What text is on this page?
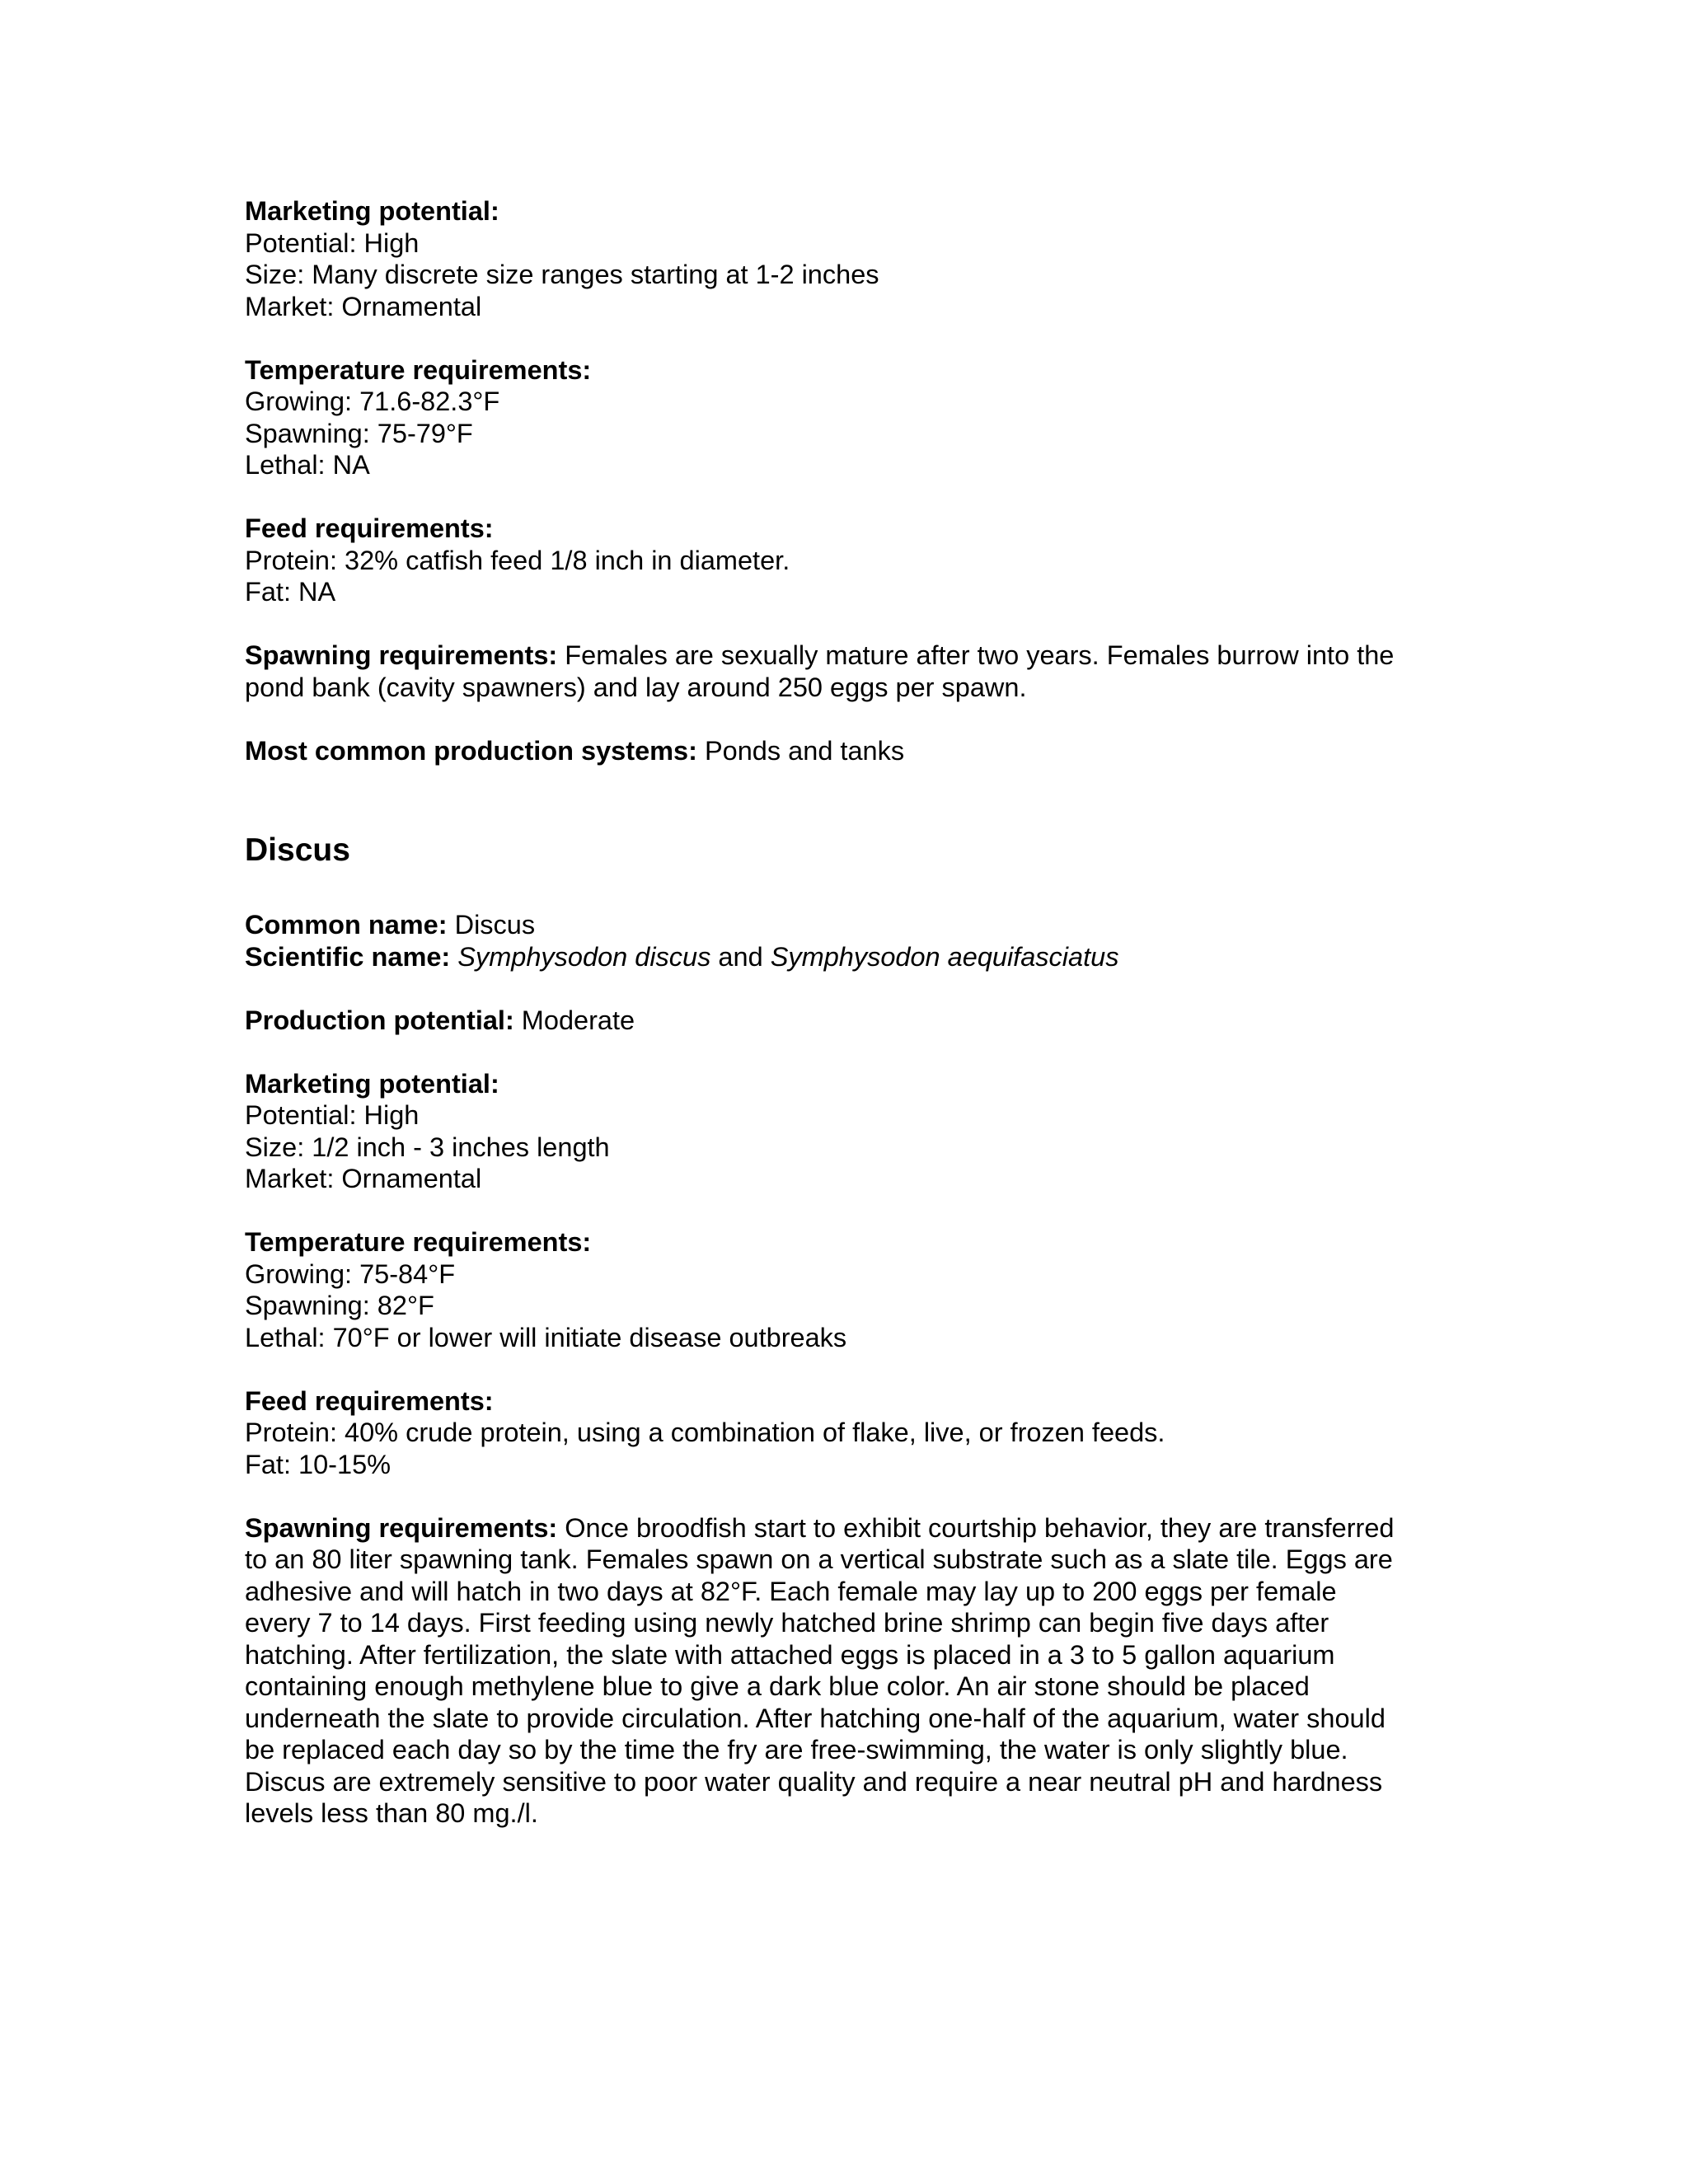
Marketing potential:
Potential: High
Size: Many discrete size ranges starting at 1-2 inches
Market: Ornamental
Temperature requirements:
Growing: 71.6-82.3°F
Spawning: 75-79°F
Lethal: NA
Feed requirements:
Protein: 32% catfish feed 1/8 inch in diameter.
Fat: NA
Spawning requirements: Females are sexually mature after two years. Females burrow into the pond bank (cavity spawners) and lay around 250 eggs per spawn.
Most common production systems: Ponds and tanks
Discus
Common name: Discus
Scientific name: Symphysodon discus and Symphysodon aequifasciatus
Production potential: Moderate
Marketing potential:
Potential: High
Size: 1/2 inch - 3 inches length
Market: Ornamental
Temperature requirements:
Growing: 75-84°F
Spawning: 82°F
Lethal: 70°F or lower will initiate disease outbreaks
Feed requirements:
Protein: 40% crude protein, using a combination of flake, live, or frozen feeds.
Fat: 10-15%
Spawning requirements: Once broodfish start to exhibit courtship behavior, they are transferred
to an 80 liter spawning tank. Females spawn on a vertical substrate such as a slate tile. Eggs are
adhesive and will hatch in two days at 82°F. Each female may lay up to 200 eggs per female
every 7 to 14 days. First feeding using newly hatched brine shrimp can begin five days after
hatching. After fertilization, the slate with attached eggs is placed in a 3 to 5 gallon aquarium
containing enough methylene blue to give a dark blue color. An air stone should be placed
underneath the slate to provide circulation. After hatching one-half of the aquarium, water should
be replaced each day so by the time the fry are free-swimming, the water is only slightly blue.
Discus are extremely sensitive to poor water quality and require a near neutral pH and hardness
levels less than 80 mg./l.
